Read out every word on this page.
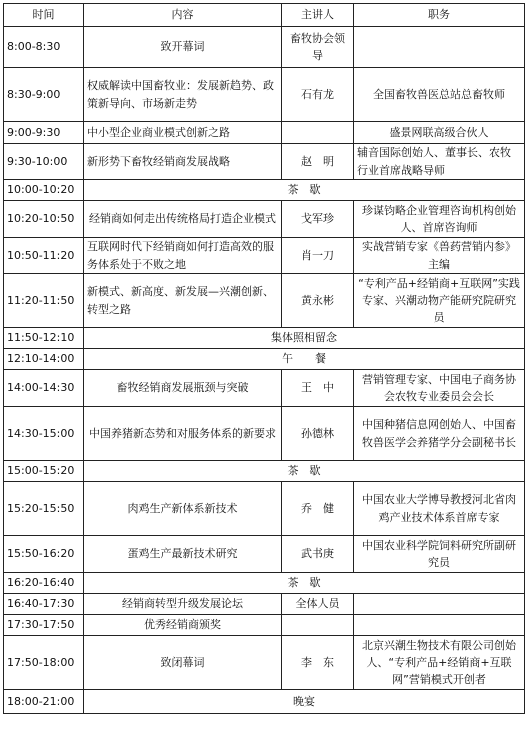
时间	内容	主讲人	职务
8:00-8:30	致开幕词	畜牧协会领导	
8:30-9:00	权威解读中国畜牧业：发展新趋势、政策新导向、市场新走势	石有龙	全国畜牧兽医总站总畜牧师
9:00-9:30	中小型企业商业模式创新之路		盛景网联高级合伙人
9:30-10:00	新形势下畜牧经销商发展战略	赵　明	辅音国际创始人、董事长、农牧行业首席战略导师
10:00-10:20	茶　歇		
10:20-10:50	经销商如何走出传统格局打造企业模式	戈军珍	珍谋钧略企业管理咨询机构创始人、首席咨询师
10:50-11:20	互联网时代下经销商如何打造高效的服务体系处于不败之地	肖一刀	实战营销专家《兽药营销内参》主编
11:20-11:50	新模式、新高度、新发展—兴潮创新、转型之路	黄永彬	“专利产品+经销商+互联网”实践专家、兴潮动物产能研究院研究员
11:50-12:10	集体照相留念		
12:10-14:00	午　　餐		
14:00-14:30	畜牧经销商发展瓶颈与突破	王　中	营销管理专家、中国电子商务协会农牧专业委员会会长
14:30-15:00	中国养猪新态势和对服务体系的新要求	孙德林	中国种猪信息网创始人、中国畜牧兽医学会养猪学分会副秘书长
15:00-15:20	茶　歇		
15:20-15:50	肉鸡生产新体系新技术	乔　健	中国农业大学博导教授河北省肉鸡产业技术体系首席专家
15:50-16:20	蛋鸡生产最新技术研究	武书庚	中国农业科学院饲料研究所副研究员
16:20-16:40	茶　歇		
16:40-17:30	经销商转型升级发展论坛	全体人员	
17:30-17:50	优秀经销商颁奖		
17:50-18:00	致闭幕词	李　东	北京兴潮生物技术有限公司创始人、“专利产品+经销商+互联网”营销模式开创者
18:00-21:00	晚宴		
